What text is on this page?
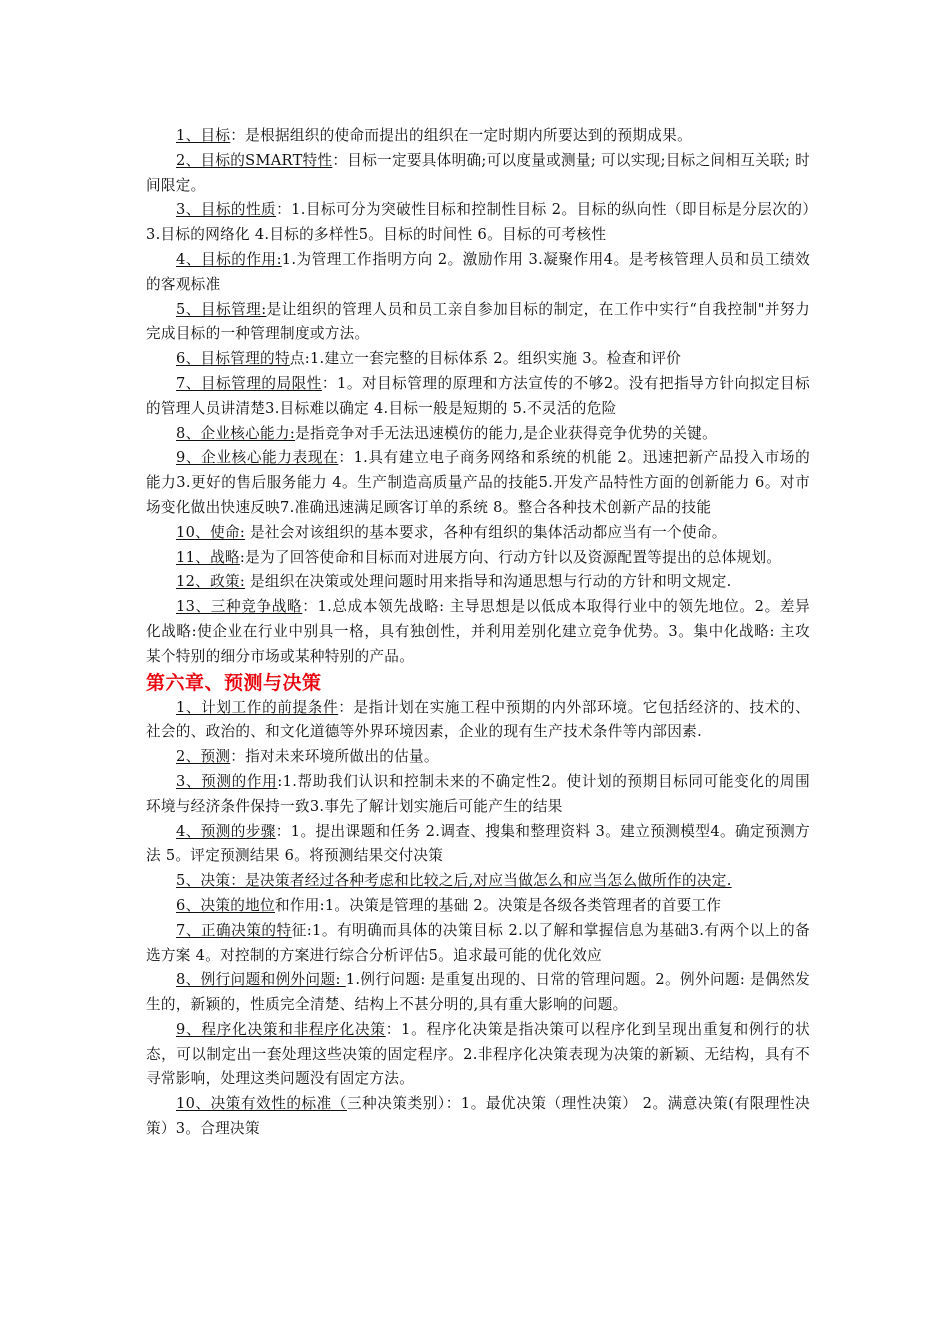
1、目标：是根据组织的使命而提出的组织在一定时期内所要达到的预期成果。

2、目标的SMART特性：目标一定要具体明确;可以度量或测量; 可以实现;目标之间相互关联; 时间限定。

3、目标的性质：1.目标可分为突破性目标和控制性目标 2。目标的纵向性（即目标是分层次的）3.目标的网络化 4.目标的多样性5。目标的时间性 6。目标的可考核性

4、目标的作用:1.为管理工作指明方向 2。激励作用 3.凝聚作用4。是考核管理人员和员工绩效的客观标准

5、目标管理:是让组织的管理人员和员工亲自参加目标的制定，在工作中实行“自我控制"并努力完成目标的一种管理制度或方法。

6、目标管理的特点:1.建立一套完整的目标体系 2。组织实施 3。检查和评价

7、目标管理的局限性：1。对目标管理的原理和方法宣传的不够2。没有把指导方针向拟定目标的管理人员讲清楚3.目标难以确定 4.目标一般是短期的 5.不灵活的危险

8、企业核心能力:是指竞争对手无法迅速模仿的能力,是企业获得竞争优势的关键。

9、企业核心能力表现在：1.具有建立电子商务网络和系统的机能 2。迅速把新产品投入市场的能力3.更好的售后服务能力 4。生产制造高质量产品的技能5.开发产品特性方面的创新能力 6。对市场变化做出快速反映7.准确迅速满足顾客订单的系统 8。整合各种技术创新产品的技能

10、使命: 是社会对该组织的基本要求，各种有组织的集体活动都应当有一个使命。

11、战略:是为了回答使命和目标而对进展方向、行动方针以及资源配置等提出的总体规划。

12、政策: 是组织在决策或处理问题时用来指导和沟通思想与行动的方针和明文规定.

13、三种竞争战略：1.总成本领先战略: 主导思想是以低成本取得行业中的领先地位。2。差异化战略:使企业在行业中别具一格，具有独创性，并利用差别化建立竞争优势。3。集中化战略: 主攻某个特别的细分市场或某种特别的产品。

第六章、预测与决策

1、计划工作的前提条件：是指计划在实施工程中预期的内外部环境。它包括经济的、技术的、社会的、政治的、和文化道德等外界环境因素，企业的现有生产技术条件等内部因素.

2、预测：指对未来环境所做出的估量。

3、预测的作用:1.帮助我们认识和控制未来的不确定性2。使计划的预期目标同可能变化的周围环境与经济条件保持一致3.事先了解计划实施后可能产生的结果

4、预测的步骤：1。提出课题和任务 2.调查、搜集和整理资料 3。建立预测模型4。确定预测方法 5。评定预测结果 6。将预测结果交付决策

5、决策：是决策者经过各种考虑和比较之后,对应当做怎么和应当怎么做所作的决定.

6、决策的地位和作用:1。决策是管理的基础 2。决策是各级各类管理者的首要工作

7、正确决策的特征:1。有明确而具体的决策目标 2.以了解和掌握信息为基础3.有两个以上的备选方案 4。对控制的方案进行综合分析评估5。追求最可能的优化效应

8、例行问题和例外问题: 1.例行问题: 是重复出现的、日常的管理问题。2。例外问题: 是偶然发生的，新颖的，性质完全清楚、结构上不甚分明的,具有重大影响的问题。

9、程序化决策和非程序化决策：1。程序化决策是指决策可以程序化到呈现出重复和例行的状态，可以制定出一套处理这些决策的固定程序。2.非程序化决策表现为决策的新颖、无结构，具有不寻常影响，处理这类问题没有固定方法。

10、决策有效性的标准（三种决策类别）：1。最优决策（理性决策） 2。满意决策(有限理性决策）3。合理决策
